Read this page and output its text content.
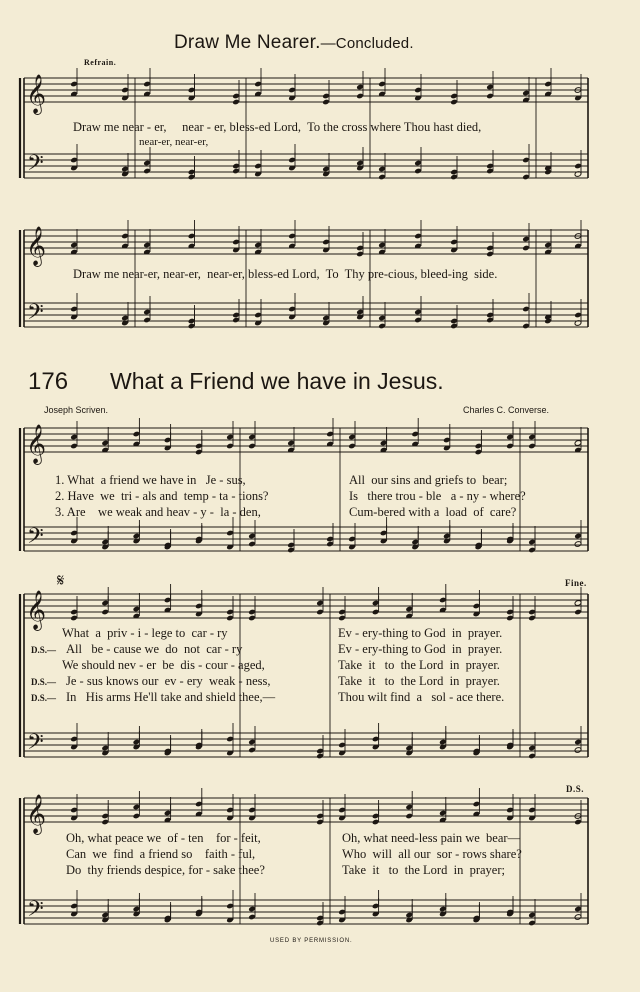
𝄞
𝄢
𝄞
𝄢
𝄞
𝄢
𝄞
𝄢
𝄞
𝄢
Draw Me Nearer.—Concluded.
Refrain.
Draw me near - er,     near - er, bless-ed Lord,  To the cross where Thou hast died,
near-er, near-er,
Draw me near-er, near-er,  near-er, bless-ed Lord,  To  Thy pre-cious, bleed-ing  side.
176 What a Friend we have in Jesus.
Joseph Scriven.	Charles C. Converse.
1. What  a friend we have in   Je - sus,
2. Have  we  tri - als and  temp - ta - tions?
3. Are    we weak and heav - y -  la - den,
All  our sins and griefs to  bear;
Is   there trou - ble   a - ny - where?
Cum-bered with a  load  of  care?
𝄋	Fine.
D.S.—
D.S.—
D.S.—
What  a  priv - i - lege to  car - ry
All   be - cause we  do  not  car - ry
We should nev - er  be  dis - cour - aged,
Je - sus knows our  ev - ery  weak - ness,
In   His arms He'll take and shield thee,—
Ev - ery-thing to God  in  prayer.
Ev - ery-thing to God  in  prayer.
Take  it   to  the Lord  in  prayer.
Take  it   to  the Lord  in  prayer.
Thou wilt find  a   sol - ace there.
D.S.
Oh, what peace we  of - ten    for - feit,
Can  we  find  a friend so    faith - ful,
Do  thy friends despice, for - sake thee?
Oh, what need-less pain we  bear—
Who  will  all our  sor - rows share?
Take  it   to  the Lord  in  prayer;
USED BY PERMISSION.
